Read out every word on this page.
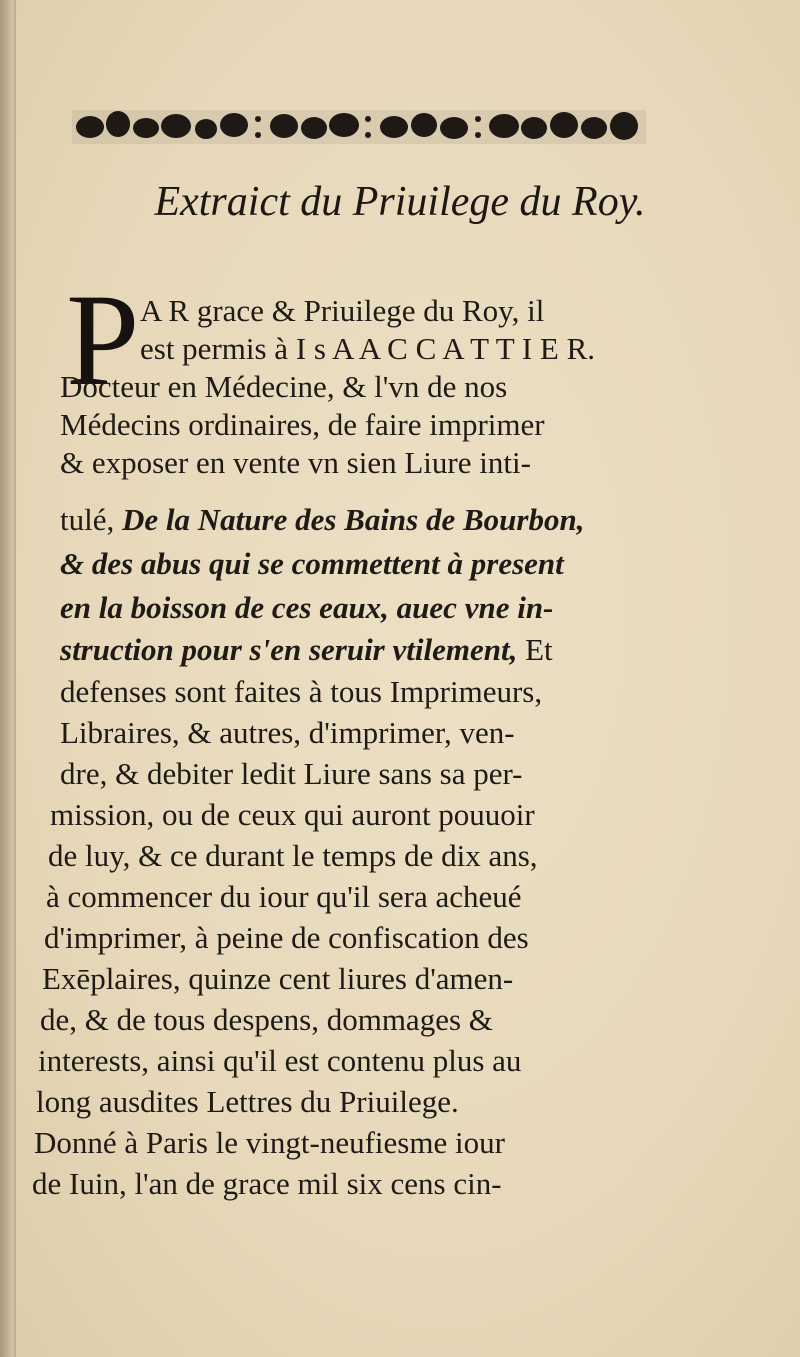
Extraict du Priuilege du Roy.
P A R grace & Priuilege du Roy, il
est permis à I s A A C C A T T I E R.
Docteur en Médecine, & l'vn de nos
Médecins ordinaires, de faire imprimer
& exposer en vente vn sien Liure inti-
tulé, De la Nature des Bains de Bourbon,
& des abus qui se commettent à present
en la boisson de ces eaux, auec vne in-
struction pour s'en seruir vtilement, Et
defenses sont faites à tous Imprimeurs,
Libraires, & autres, d'imprimer, ven-
dre, & debiter ledit Liure sans sa per-
mission, ou de ceux qui auront pouuoir
de luy, & ce durant le temps de dix ans,
à commencer du iour qu'il sera acheué
d'imprimer, à peine de confiscation des
Exēplaires, quinze cent liures d'amen-
de, & de tous despens, dommages &
interests, ainsi qu'il est contenu plus au
long ausdites Lettres du Priuilege.
Donné à Paris le vingt-neufiesme iour
de Iuin, l'an de grace mil six cens cin-
